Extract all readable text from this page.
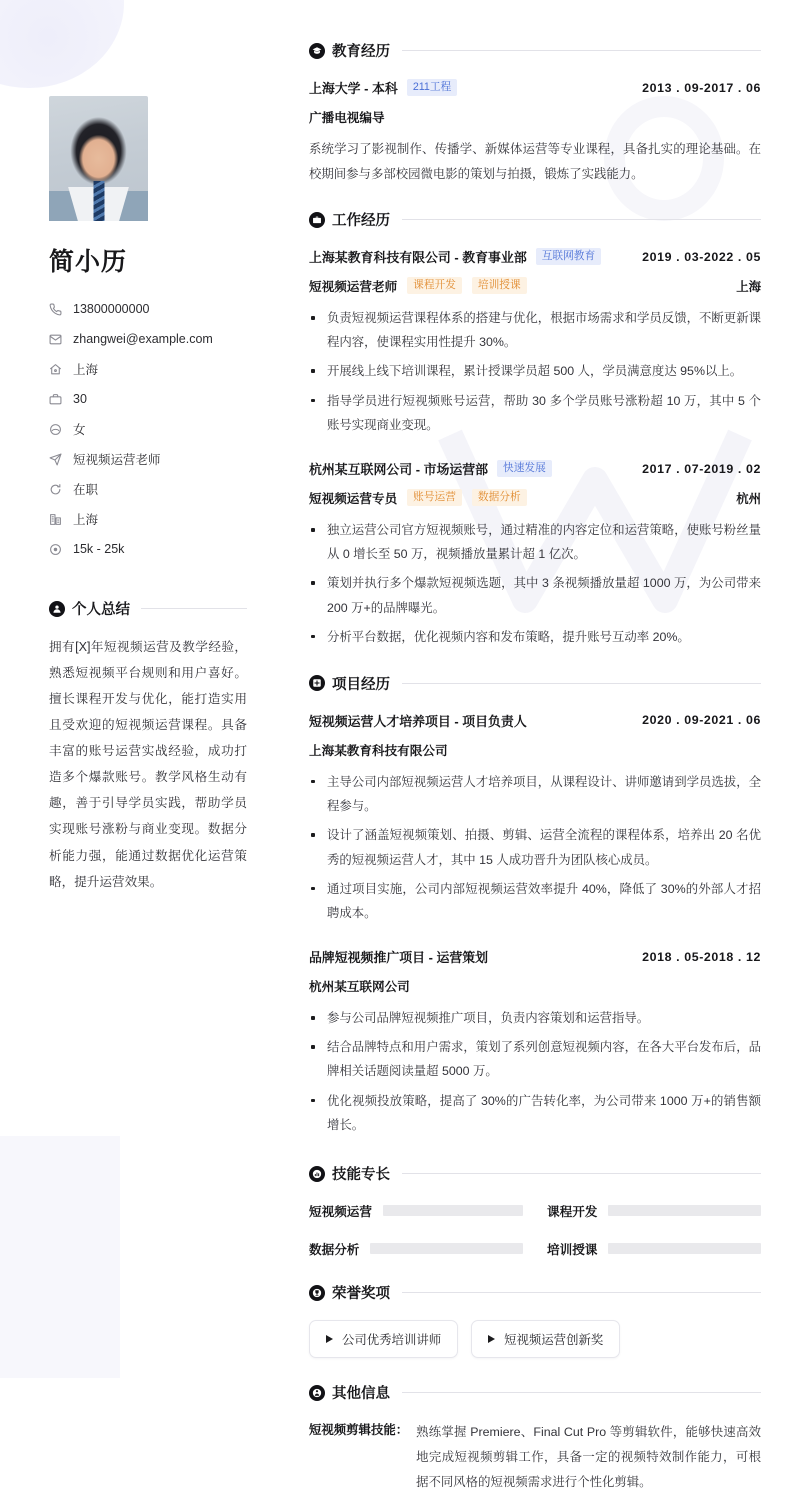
简小历
13800000000
zhangwei@example.com
上海
30
女
短视频运营老师
在职
上海
15k - 25k
个人总结

拥有[X]年短视频运营及教学经验，熟悉短视频平台规则和用户喜好。擅长课程开发与优化，能打造实用且受欢迎的短视频运营课程。具备丰富的账号运营实战经验，成功打造多个爆款账号。教学风格生动有趣，善于引导学员实践，帮助学员实现账号涨粉与商业变现。数据分析能力强，能通过数据优化运营策略，提升运营效果。

教育经历
上海大学 - 本科	211工程	2013 . 09-2017 . 06
广播电视编导

系统学习了影视制作、传播学、新媒体运营等专业课程，具备扎实的理论基础。在校期间参与多部校园微电影的策划与拍摄，锻炼了实践能力。

工作经历
上海某教育科技有限公司 - 教育事业部	互联网教育	2019 . 03-2022 . 05
短视频运营老师	课程开发	培训授课	上海
负责短视频运营课程体系的搭建与优化，根据市场需求和学员反馈，不断更新课程内容，使课程实用性提升 30%。
开展线上线下培训课程，累计授课学员超 500 人，学员满意度达 95%以上。
指导学员进行短视频账号运营，帮助 30 多个学员账号涨粉超 10 万，其中 5 个账号实现商业变现。
杭州某互联网公司 - 市场运营部	快速发展	2017 . 07-2019 . 02
短视频运营专员	账号运营	数据分析	杭州
独立运营公司官方短视频账号，通过精准的内容定位和运营策略，使账号粉丝量从 0 增长至 50 万，视频播放量累计超 1 亿次。
策划并执行多个爆款短视频选题，其中 3 条视频播放量超 1000 万，为公司带来 200 万+的品牌曝光。
分析平台数据，优化视频内容和发布策略，提升账号互动率 20%。
项目经历
短视频运营人才培养项目 - 项目负责人	2020 . 09-2021 . 06
上海某教育科技有限公司
主导公司内部短视频运营人才培养项目，从课程设计、讲师邀请到学员选拔，全程参与。
设计了涵盖短视频策划、拍摄、剪辑、运营全流程的课程体系，培养出 20 名优秀的短视频运营人才，其中 15 人成功晋升为团队核心成员。
通过项目实施，公司内部短视频运营效率提升 40%，降低了 30%的外部人才招聘成本。
品牌短视频推广项目 - 运营策划	2018 . 05-2018 . 12
杭州某互联网公司
参与公司品牌短视频推广项目，负责内容策划和运营指导。
结合品牌特点和用户需求，策划了系列创意短视频内容，在各大平台发布后，品牌相关话题阅读量超 5000 万。
优化视频投放策略，提高了 30%的广告转化率，为公司带来 1000 万+的销售额增长。
技能专长
短视频运营	课程开发
数据分析	培训授课
荣誉奖项
公司优秀培训讲师	短视频运营创新奖
其他信息
短视频剪辑技能： 熟练掌握 Premiere、Final Cut Pro 等剪辑软件，能够快速高效地完成短视频剪辑工作，具备一定的视频特效制作能力，可根据不同风格的短视频需求进行个性化剪辑。
